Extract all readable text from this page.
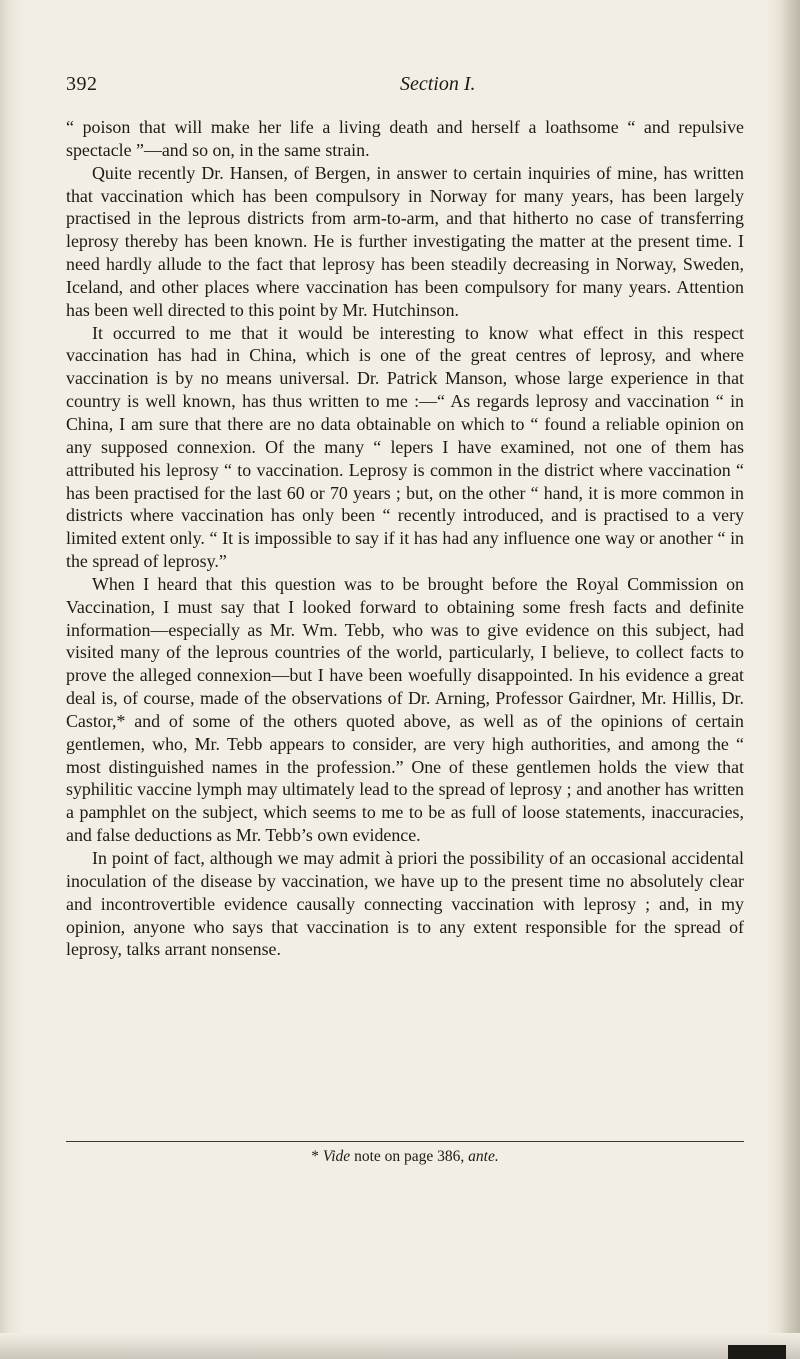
392	Section I.

“ poison that will make her life a living death and herself a loathsome “ and repulsive spectacle ”—and so on, in the same strain.

Quite recently Dr. Hansen, of Bergen, in answer to certain inquiries of mine, has written that vaccination which has been compulsory in Norway for many years, has been largely practised in the leprous districts from arm-to-arm, and that hitherto no case of transferring leprosy thereby has been known. He is further investigating the matter at the present time. I need hardly allude to the fact that leprosy has been steadily decreasing in Norway, Sweden, Iceland, and other places where vaccination has been compulsory for many years. Attention has been well directed to this point by Mr. Hutchinson.

It occurred to me that it would be interesting to know what effect in this respect vaccination has had in China, which is one of the great centres of leprosy, and where vaccination is by no means universal. Dr. Patrick Manson, whose large experience in that country is well known, has thus written to me :—“ As regards leprosy and vaccination “ in China, I am sure that there are no data obtainable on which to “ found a reliable opinion on any supposed connexion. Of the many “ lepers I have examined, not one of them has attributed his leprosy “ to vaccination. Leprosy is common in the district where vaccination “ has been practised for the last 60 or 70 years ; but, on the other “ hand, it is more common in districts where vaccination has only been “ recently introduced, and is practised to a very limited extent only. “ It is impossible to say if it has had any influence one way or another “ in the spread of leprosy.”

When I heard that this question was to be brought before the Royal Commission on Vaccination, I must say that I looked forward to obtaining some fresh facts and definite information—especially as Mr. Wm. Tebb, who was to give evidence on this subject, had visited many of the leprous countries of the world, particularly, I believe, to collect facts to prove the alleged connexion—but I have been woefully disappointed. In his evidence a great deal is, of course, made of the observations of Dr. Arning, Professor Gairdner, Mr. Hillis, Dr. Castor,* and of some of the others quoted above, as well as of the opinions of certain gentlemen, who, Mr. Tebb appears to consider, are very high authorities, and among the “ most distinguished names in the profession.” One of these gentlemen holds the view that syphilitic vaccine lymph may ultimately lead to the spread of leprosy ; and another has written a pamphlet on the subject, which seems to me to be as full of loose statements, inaccuracies, and false deductions as Mr. Tebb’s own evidence.

In point of fact, although we may admit à priori the possibility of an occasional accidental inoculation of the disease by vaccination, we have up to the present time no absolutely clear and incontrovertible evidence causally connecting vaccination with leprosy ; and, in my opinion, anyone who says that vaccination is to any extent responsible for the spread of leprosy, talks arrant nonsense.

* Vide note on page 386, ante.
